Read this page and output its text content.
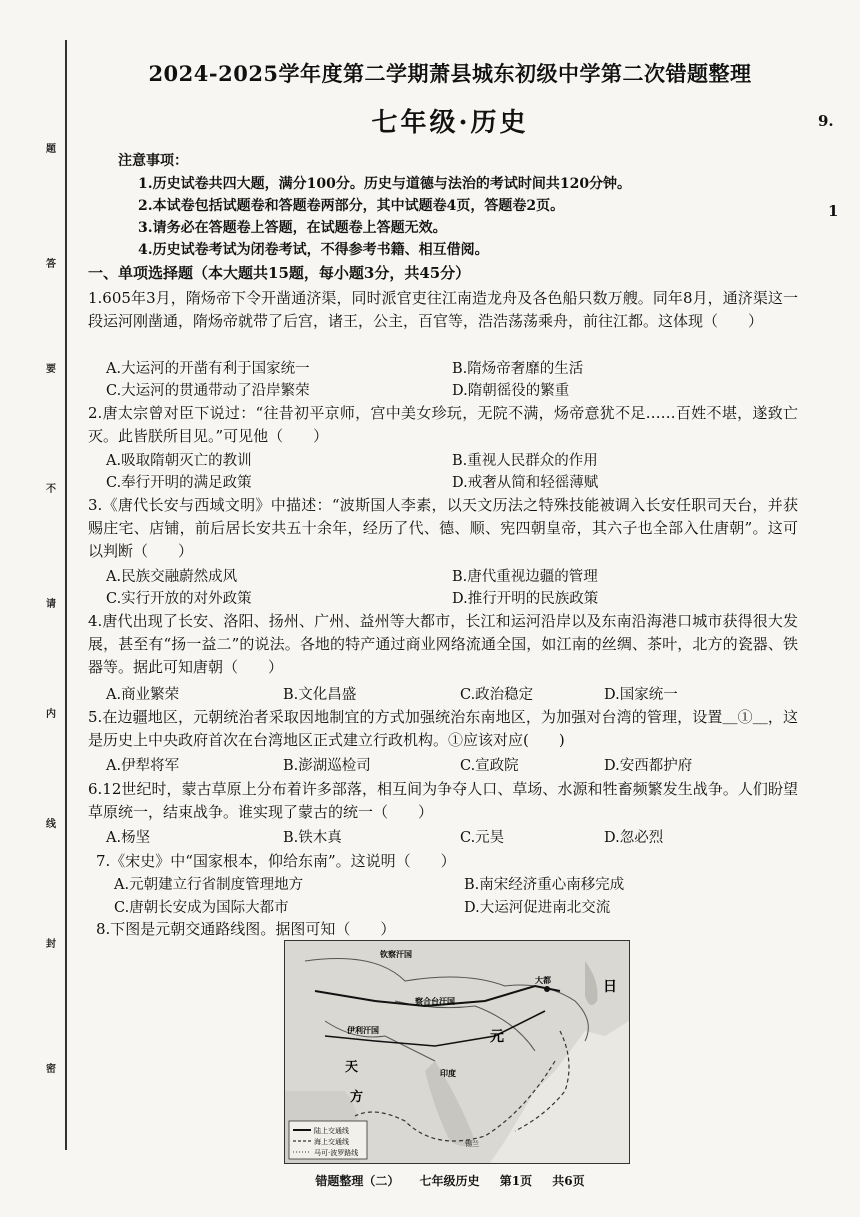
题
答
要
不
请
内
线
封
密
9.
1
2024-2025学年度第二学期萧县城东初级中学第二次错题整理
七年级·历史
注意事项：
1.历史试卷共四大题，满分100分。历史与道德与法治的考试时间共120分钟。
2.本试卷包括试题卷和答题卷两部分，其中试题卷4页，答题卷2页。
3.请务必在答题卷上答题，在试题卷上答题无效。
4.历史试卷考试为闭卷考试，不得参考书籍、相互借阅。
一、单项选择题（本大题共15题，每小题3分，共45分）
1.605年3月，隋炀帝下令开凿通济渠，同时派官吏往江南造龙舟及各色船只数万艘。同年8月，通济渠这一段运河刚凿通，隋炀帝就带了后宫，诸王，公主，百官等，浩浩荡荡乘舟，前往江都。这体现（　　）
A.大运河的开凿有利于国家统一	B.隋炀帝奢靡的生活
C.大运河的贯通带动了沿岸繁荣	D.隋朝徭役的繁重
2.唐太宗曾对臣下说过：“往昔初平京师，宫中美女珍玩，无院不满，炀帝意犹不足……百姓不堪，遂致亡灭。此皆朕所目见。”可见他（　　）
A.吸取隋朝灭亡的教训	B.重视人民群众的作用
C.奉行开明的满足政策	D.戒奢从简和轻徭薄赋
3.《唐代长安与西域文明》中描述：“波斯国人李素，以天文历法之特殊技能被调入长安任职司天台，并获赐庄宅、店铺，前后居长安共五十余年，经历了代、德、顺、宪四朝皇帝，其六子也全部入仕唐朝”。这可以判断（　　）
A.民族交融蔚然成风	B.唐代重视边疆的管理
C.实行开放的对外政策	D.推行开明的民族政策
4.唐代出现了长安、洛阳、扬州、广州、益州等大都市，长江和运河沿岸以及东南沿海港口城市获得很大发展，甚至有“扬一益二”的说法。各地的特产通过商业网络流通全国，如江南的丝绸、茶叶，北方的瓷器、铁器等。据此可知唐朝（　　）
A.商业繁荣	B.文化昌盛	C.政治稳定	D.国家统一
5.在边疆地区，元朝统治者采取因地制宜的方式加强统治东南地区，为加强对台湾的管理，设置＿①＿，这是历史上中央政府首次在台湾地区正式建立行政机构。①应该对应(　　)
A.伊犁将军	B.澎湖巡检司	C.宣政院	D.安西都护府
6.12世纪时，蒙古草原上分布着许多部落，相互间为争夺人口、草场、水源和牲畜频繁发生战争。人们盼望草原统一，结束战争。谁实现了蒙古的统一（　　）
A.杨坚	B.铁木真	C.元昊	D.忽必烈
7.《宋史》中“国家根本，仰给东南”。这说明（　　）
A.元朝建立行省制度管理地方	B.南宋经济重心南移完成
C.唐朝长安成为国际大都市	D.大运河促进南北交流
8.下图是元朝交通路线图。据图可知（　　）
陆上交通线
海上交通线
马可·波罗路线
钦察汗国
察合台汗国
伊利汗国
大都
元
日
天
方
印度
锡兰
错题整理（二） 七年级历史 第1页 共6页
